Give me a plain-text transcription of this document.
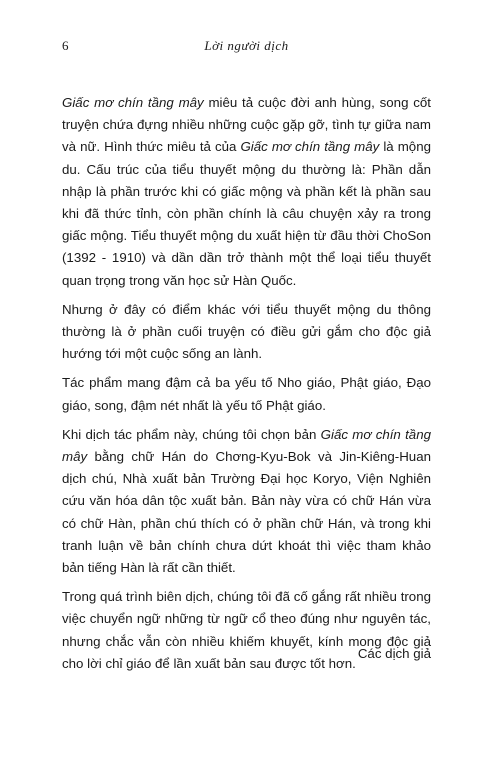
6	Lời người dịch

Giấc mơ chín tầng mây miêu tả cuộc đời anh hùng, song cốt truyện chứa đựng nhiều những cuộc gặp gỡ, tình tự giữa nam và nữ. Hình thức miêu tả của Giấc mơ chín tầng mây là mộng du. Cấu trúc của tiểu thuyết mộng du thường là: Phần dẫn nhập là phần trước khi có giấc mộng và phần kết là phần sau khi đã thức tỉnh, còn phần chính là câu chuyện xảy ra trong giấc mộng. Tiểu thuyết mộng du xuất hiện từ đầu thời ChoSon (1392 - 1910) và dần dần trở thành một thể loại tiểu thuyết quan trọng trong văn học sử Hàn Quốc.

Nhưng ở đây có điểm khác với tiểu thuyết mộng du thông thường là ở phần cuối truyện có điều gửi gắm cho độc giả hướng tới một cuộc sống an lành.

Tác phẩm mang đậm cả ba yếu tố Nho giáo, Phật giáo, Đạo giáo, song, đậm nét nhất là yếu tố Phật giáo.

Khi dịch tác phẩm này, chúng tôi chọn bản Giấc mơ chín tầng mây bằng chữ Hán do Chơng-Kyu-Bok và Jin-Kiêng-Huan dịch chú, Nhà xuất bản Trường Đại học Koryo, Viện Nghiên cứu văn hóa dân tộc xuất bản. Bản này vừa có chữ Hán vừa có chữ Hàn, phần chú thích có ở phần chữ Hán, và trong khi tranh luận về bản chính chưa dứt khoát thì việc tham khảo bản tiếng Hàn là rất cần thiết.

Trong quá trình biên dịch, chúng tôi đã cố gắng rất nhiều trong việc chuyển ngữ những từ ngữ cổ theo đúng như nguyên tác, nhưng chắc vẫn còn nhiều khiếm khuyết, kính mong độc giả cho lời chỉ giáo để lần xuất bản sau được tốt hơn.

Các dịch giả
